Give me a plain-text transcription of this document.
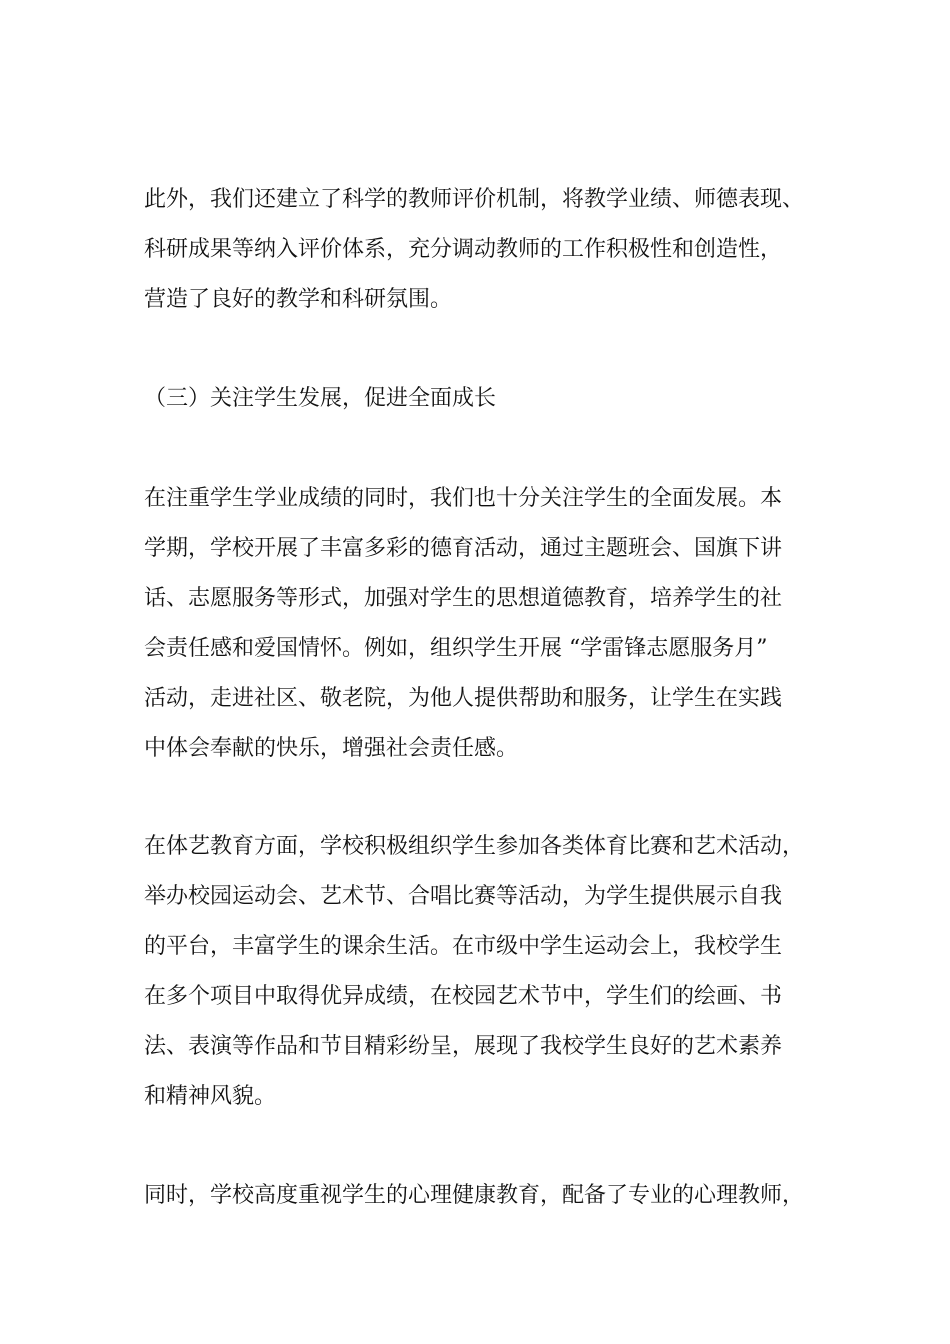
此外，我们还建立了科学的教师评价机制，将教学业绩、师德表现、
科研成果等纳入评价体系，充分调动教师的工作积极性和创造性，
营造了良好的教学和科研氛围。

（三）关注学生发展，促进全面成长

在注重学生学业成绩的同时，我们也十分关注学生的全面发展。本
学期，学校开展了丰富多彩的德育活动，通过主题班会、国旗下讲
话、志愿服务等形式，加强对学生的思想道德教育，培养学生的社
会责任感和爱国情怀。例如，组织学生开展 “学雷锋志愿服务月”
活动，走进社区、敬老院，为他人提供帮助和服务，让学生在实践
中体会奉献的快乐，增强社会责任感。

在体艺教育方面，学校积极组织学生参加各类体育比赛和艺术活动，
举办校园运动会、艺术节、合唱比赛等活动，为学生提供展示自我
的平台，丰富学生的课余生活。在市级中学生运动会上，我校学生
在多个项目中取得优异成绩，在校园艺术节中，学生们的绘画、书
法、表演等作品和节目精彩纷呈，展现了我校学生良好的艺术素养
和精神风貌。

同时，学校高度重视学生的心理健康教育，配备了专业的心理教师，
